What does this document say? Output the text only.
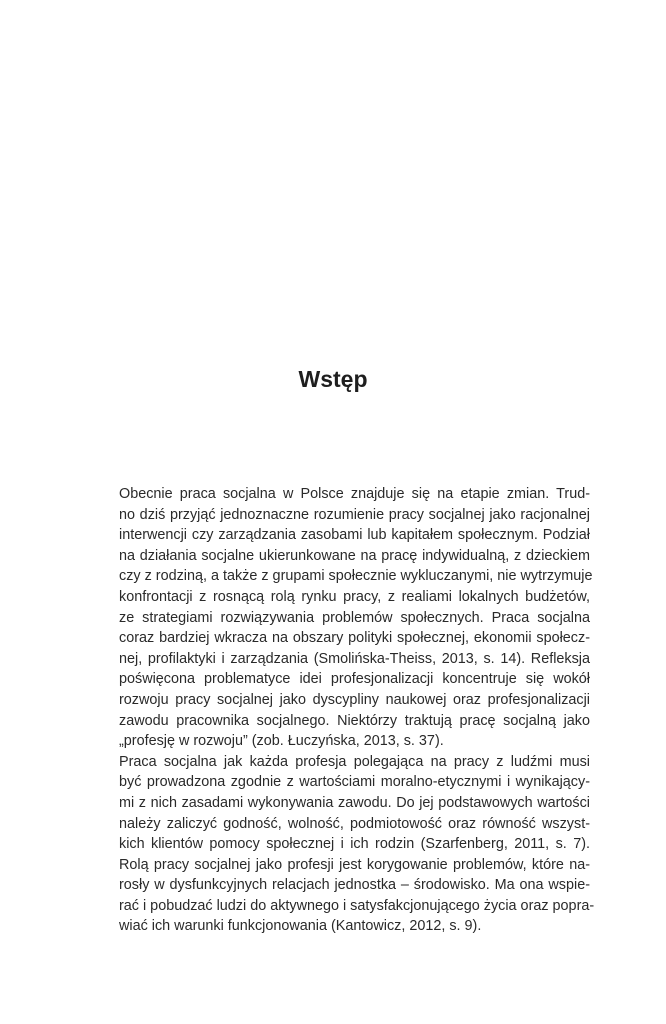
Wstęp
Obecnie praca socjalna w Polsce znajduje się na etapie zmian. Trud-
no dziś przyjąć jednoznaczne rozumienie pracy socjalnej jako racjonalnej
interwencji czy zarządzania zasobami lub kapitałem społecznym. Podział
na działania socjalne ukierunkowane na pracę indywidualną, z dzieckiem
czy z rodziną, a także z grupami społecznie wykluczanymi, nie wytrzymuje
konfrontacji z rosnącą rolą rynku pracy, z realiami lokalnych budżetów,
ze strategiami rozwiązywania problemów społecznych. Praca socjalna
coraz bardziej wkracza na obszary polityki społecznej, ekonomii społecz-
nej, profilaktyki i zarządzania (Smolińska-Theiss, 2013, s. 14). Refleksja
poświęcona problematyce idei profesjonalizacji koncentruje się wokół
rozwoju pracy socjalnej jako dyscypliny naukowej oraz profesjonalizacji
zawodu pracownika socjalnego. Niektórzy traktują pracę socjalną jako
„profesję w rozwoju” (zob. Łuczyńska, 2013, s. 37).
Praca socjalna jak każda profesja polegająca na pracy z ludźmi musi
być prowadzona zgodnie z wartościami moralno-etycznymi i wynikający-
mi z nich zasadami wykonywania zawodu. Do jej podstawowych wartości
należy zaliczyć godność, wolność, podmiotowość oraz równość wszyst-
kich klientów pomocy społecznej i ich rodzin (Szarfenberg, 2011, s. 7).
Rolą pracy socjalnej jako profesji jest korygowanie problemów, które na-
rosły w dysfunkcyjnych relacjach jednostka – środowisko. Ma ona wspie-
rać i pobudzać ludzi do aktywnego i satysfakcjonującego życia oraz popra-
wiać ich warunki funkcjonowania (Kantowicz, 2012, s. 9).
